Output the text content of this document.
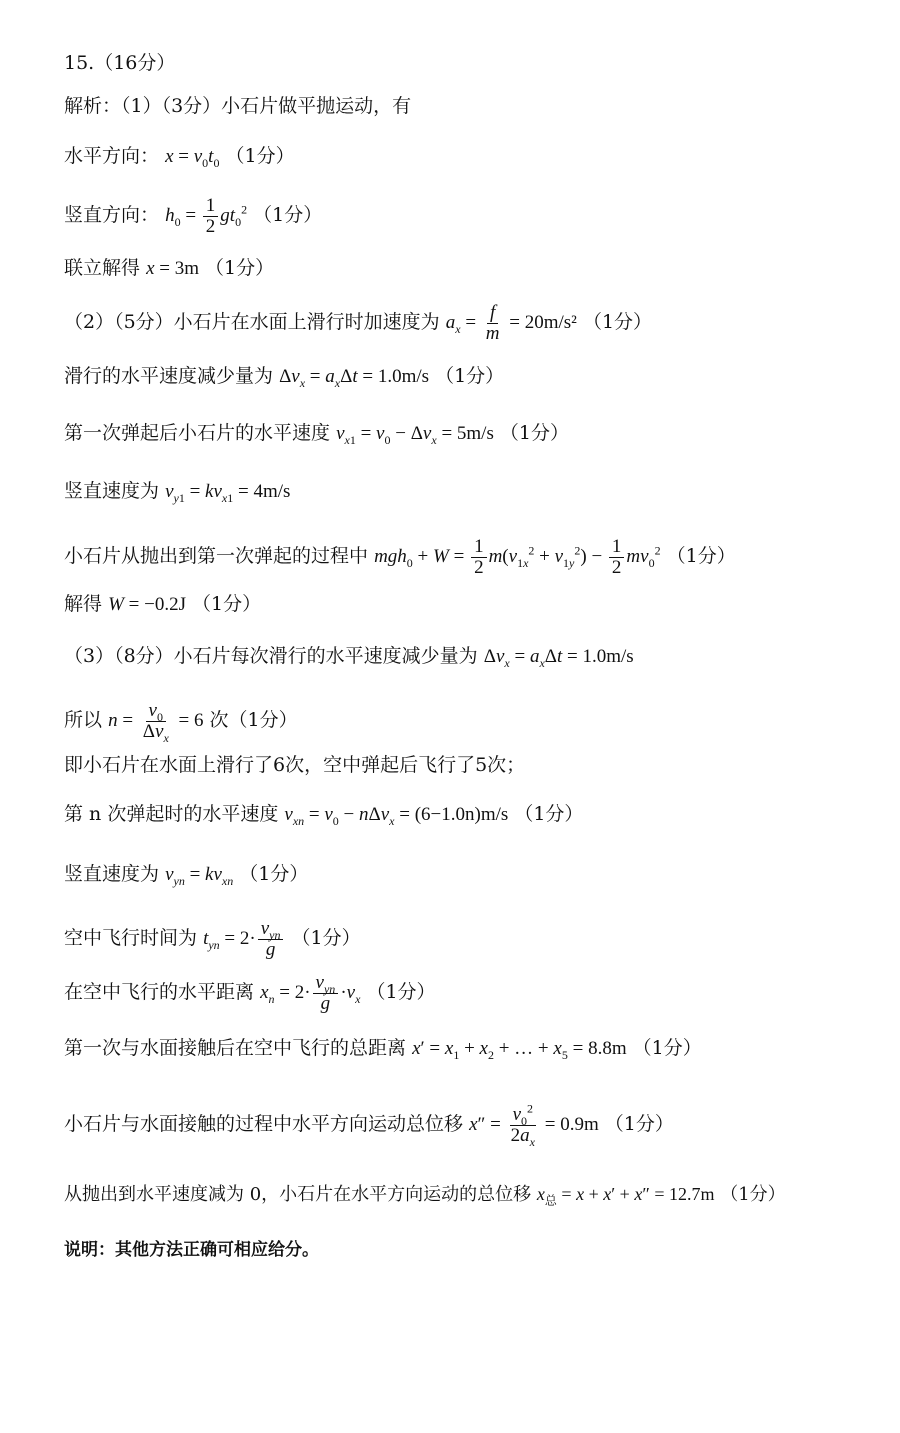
15.（16分）
解析：（1）（3分）小石片做平抛运动，有
水平方向： $x = v_0t_0$ （1分）
竖直方向： $h_0 = \frac{1}{2} gt_0^2$ （1分）
联立解得 x = 3m （1分）
（2）（5分）小石片在水面上滑行时加速度为 $a_x = \frac{f}{m} = 20m/s^2$ （1分）
滑行的水平速度减少量为 $\Delta v_x = a_x\Delta t = 1.0m/s$ （1分）
第一次弹起后小石片的水平速度 $v_{x1} = v_0 - \Delta v_x = 5m/s$ （1分）
竖直速度为 $v_{y1} = kv_{x1} = 4m/s$
小石片从抛出到第一次弹起的过程中 $mgh_0 + W = \frac{1}{2} m(v_{1x}^2 + v_{1y}^2) - \frac{1}{2} mv_0^2$ （1分）
解得 W = −0.2J （1分）
（3）（8分）小石片每次滑行的水平速度减少量为 $\Delta v_x = a_x\Delta t = 1.0m/s$
所以 $n = \frac{v_0}{\Delta v_x} = 6$ 次（1分）
即小石片在水面上滑行了6次，空中弹起后飞行了5次；
第 n 次弹起时的水平速度 $v_{xn} = v_0 - n\Delta v_x = (6-1.0n)m/s$ （1分）
竖直速度为 $v_{yn} = kv_{xn}$ （1分）
空中飞行时间为 $t_{yn} = 2\cdot \frac{v_{yn}}{g} (1$分）
在空中飞行的水平距离 $x_n = 2\cdot \frac{v_{yn}}{g} \cdot v_x$ （1分）
第一次与水面接触后在空中飞行的总距离 $x' = x_1 + x_2$ + … + $x_5 = 8.8m$ （1分）
小石片与水面接触的过程中水平方向运动总位移 $x'' = \frac{v_0^2}{2a_x} = 0.9m$ （1分）
从抛出到水平速度减为 0，小石片在水平方向运动的总位移 $x_总 = x + x' + x'' = 12.7m$ （1分）
说明：其他方法正确可相应给分。
